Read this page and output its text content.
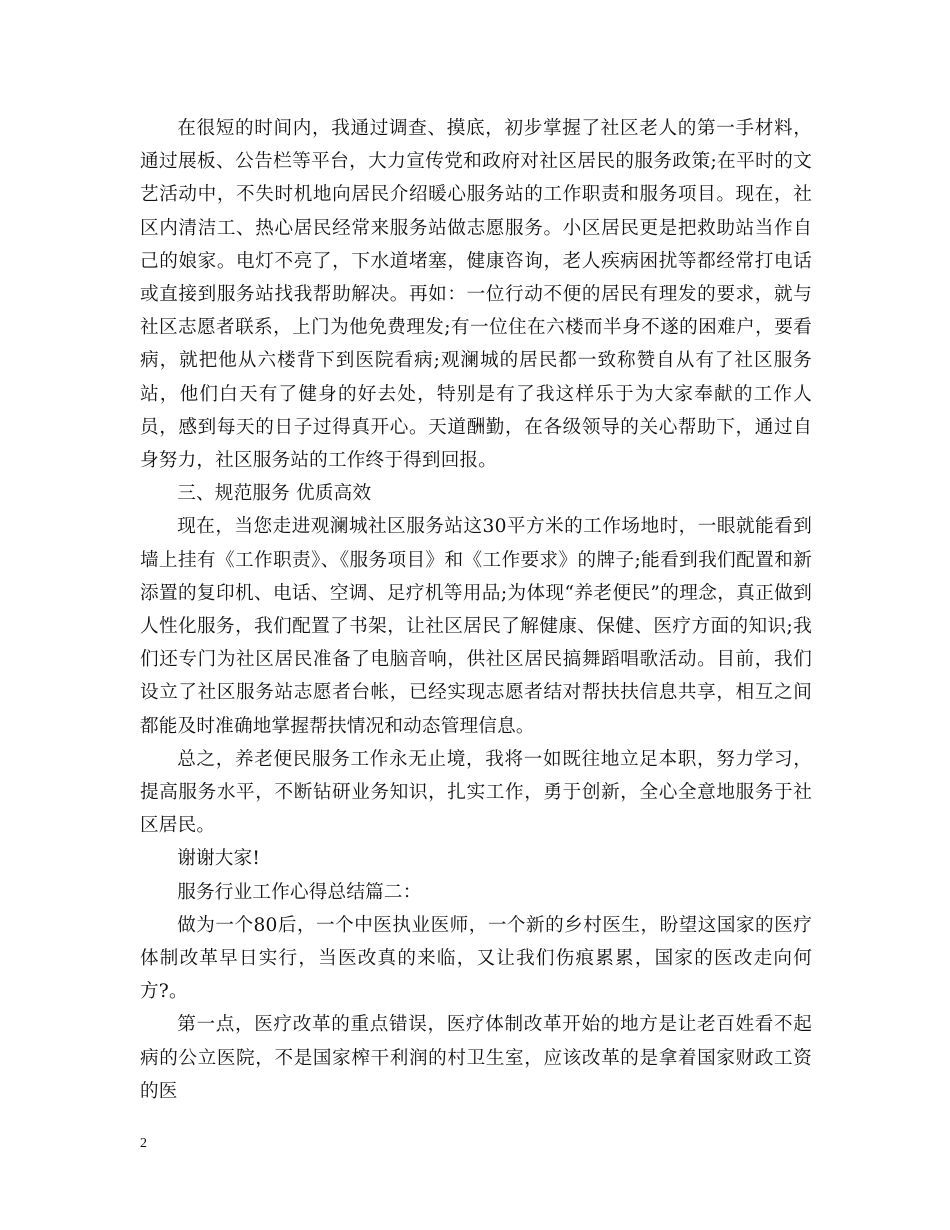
在很短的时间内，我通过调查、摸底，初步掌握了社区老人的第一手材料，通过展板、公告栏等平台，大力宣传党和政府对社区居民的服务政策;在平时的文艺活动中，不失时机地向居民介绍暖心服务站的工作职责和服务项目。现在，社区内清洁工、热心居民经常来服务站做志愿服务。小区居民更是把救助站当作自己的娘家。电灯不亮了，下水道堵塞，健康咨询，老人疾病困扰等都经常打电话或直接到服务站找我帮助解决。再如：一位行动不便的居民有理发的要求，就与社区志愿者联系，上门为他免费理发;有一位住在六楼而半身不遂的困难户，要看病，就把他从六楼背下到医院看病;观澜城的居民都一致称赞自从有了社区服务站，他们白天有了健身的好去处，特别是有了我这样乐于为大家奉献的工作人员，感到每天的日子过得真开心。天道酬勤，在各级领导的关心帮助下，通过自身努力，社区服务站的工作终于得到回报。

三、规范服务 优质高效

现在，当您走进观澜城社区服务站这30平方米的工作场地时，一眼就能看到墙上挂有《工作职责》、《服务项目》和《工作要求》的牌子;能看到我们配置和新添置的复印机、电话、空调、足疗机等用品;为体现“养老便民”的理念，真正做到人性化服务，我们配置了书架，让社区居民了解健康、保健、医疗方面的知识;我们还专门为社区居民准备了电脑音响，供社区居民搞舞蹈唱歌活动。目前，我们设立了社区服务站志愿者台帐，已经实现志愿者结对帮扶扶信息共享，相互之间都能及时准确地掌握帮扶情况和动态管理信息。

总之，养老便民服务工作永无止境，我将一如既往地立足本职，努力学习，提高服务水平，不断钻研业务知识，扎实工作，勇于创新，全心全意地服务于社区居民。

谢谢大家!

服务行业工作心得总结篇二：

做为一个80后，一个中医执业医师，一个新的乡村医生，盼望这国家的医疗体制改革早日实行，当医改真的来临，又让我们伤痕累累，国家的医改走向何方?。

第一点，医疗改革的重点错误，医疗体制改革开始的地方是让老百姓看不起病的公立医院，不是国家榨干利润的村卫生室，应该改革的是拿着国家财政工资的医

2
